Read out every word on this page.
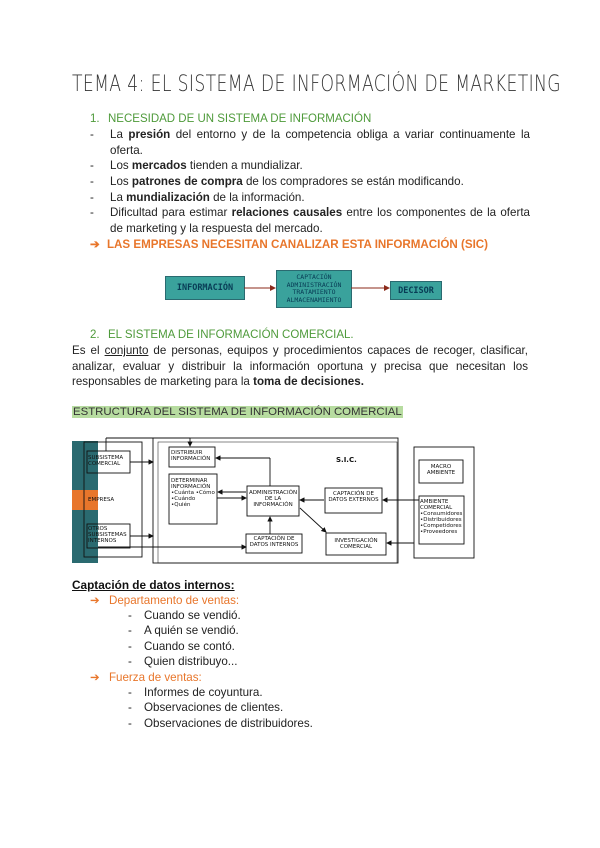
TEMA 4: EL SISTEMA DE INFORMACIÓN DE MARKETING
1. NECESIDAD DE UN SISTEMA DE INFORMACIÓN
- La presión del entorno y de la competencia obliga a variar continuamente la oferta.
- Los mercados tienden a mundializar.
- Los patrones de compra de los compradores se están modificando.
- La mundialización de la información.
- Dificultad para estimar relaciones causales entre los componentes de la oferta de marketing y la respuesta del mercado.
➔ LAS EMPRESAS NECESITAN CANALIZAR ESTA INFORMACIÓN (SIC)
INFORMACIÓN
CAPTACIÓN
ADMINISTRACIÓN
TRATAMIENTO
ALMACENAMIENTO
DECISOR
2. EL SISTEMA DE INFORMACIÓN COMERCIAL.
Es el conjunto de personas, equipos y procedimientos capaces de recoger, clasificar, analizar, evaluar y distribuir la información oportuna y precisa que necesitan los responsables de marketing para la toma de decisiones.
ESTRUCTURA DEL SISTEMA DE INFORMACIÓN COMERCIAL
S.I.C.
SUBSISTEMA COMERCIAL
EMPRESA
OTROS SUBSISTEMAS INTERNOS
DISTRIBUIR INFORMACIÓN
DETERMINAR INFORMACIÓN •Cuánta •Cómo •Cuándo •Quién
ADMINISTRACIÓN DE LA INFORMACIÓN
CAPTACIÓN DE DATOS INTERNOS
CAPTACIÓN DE DATOS EXTERNOS
INVESTIGACIÓN COMERCIAL
MACRO AMBIENTE
AMBIENTE COMERCIAL •Consumidores •Distribuidores •Competidores •Proveedores
Captación de datos internos:
➔ Departamento de ventas:
- Cuando se vendió.
- A quién se vendió.
- Cuando se contó.
- Quien distribuyo...
➔ Fuerza de ventas:
- Informes de coyuntura.
- Observaciones de clientes.
- Observaciones de distribuidores.
